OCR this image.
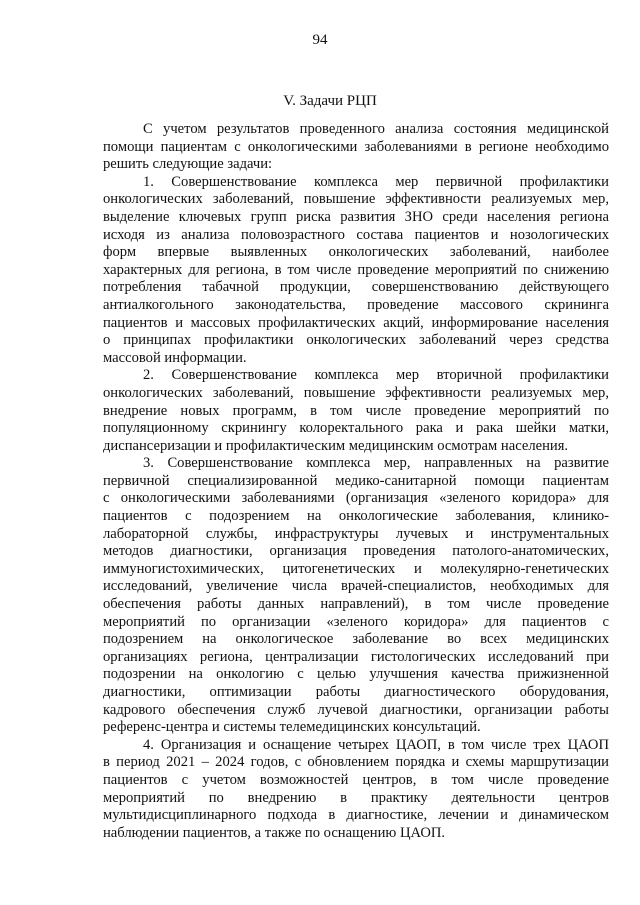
94
V. Задачи РЦП
С учетом результатов проведенного анализа состояния медицинской
помощи пациентам с онкологическими заболеваниями в регионе необходимо
решить следующие задачи:
1. Совершенствование комплекса мер первичной профилактики
онкологических заболеваний, повышение эффективности реализуемых мер,
выделение ключевых групп риска развития ЗНО среди населения региона
исходя из анализа половозрастного состава пациентов и нозологических
форм впервые выявленных онкологических заболеваний, наиболее
характерных для региона, в том числе проведение мероприятий по снижению
потребления табачной продукции, совершенствованию действующего
антиалкогольного законодательства, проведение массового скрининга
пациентов и массовых профилактических акций, информирование населения
о принципах профилактики онкологических заболеваний через средства
массовой информации.
2. Совершенствование комплекса мер вторичной профилактики
онкологических заболеваний, повышение эффективности реализуемых мер,
внедрение новых программ, в том числе проведение мероприятий по
популяционному скринингу колоректального рака и рака шейки матки,
диспансеризации и профилактическим медицинским осмотрам населения.
3. Совершенствование комплекса мер, направленных на развитие
первичной специализированной медико-санитарной помощи пациентам
с онкологическими заболеваниями (организация «зеленого коридора» для
пациентов с подозрением на онкологические заболевания, клинико-
лабораторной службы, инфраструктуры лучевых и инструментальных
методов диагностики, организация проведения патолого-анатомических,
иммуногистохимических, цитогенетических и молекулярно-генетических
исследований, увеличение числа врачей-специалистов, необходимых для
обеспечения работы данных направлений), в том числе проведение
мероприятий по организации «зеленого коридора» для пациентов с
подозрением на онкологическое заболевание во всех медицинских
организациях региона, централизации гистологических исследований при
подозрении на онкологию с целью улучшения качества прижизненной
диагностики, оптимизации работы диагностического оборудования,
кадрового обеспечения служб лучевой диагностики, организации работы
референс-центра и системы телемедицинских консультаций.
4. Организация и оснащение четырех ЦАОП, в том числе трех ЦАОП
в период 2021 – 2024 годов, с обновлением порядка и схемы маршрутизации
пациентов с учетом возможностей центров, в том числе проведение
мероприятий по внедрению в практику деятельности центров
мультидисциплинарного подхода в диагностике, лечении и динамическом
наблюдении пациентов, а также по оснащению ЦАОП.
